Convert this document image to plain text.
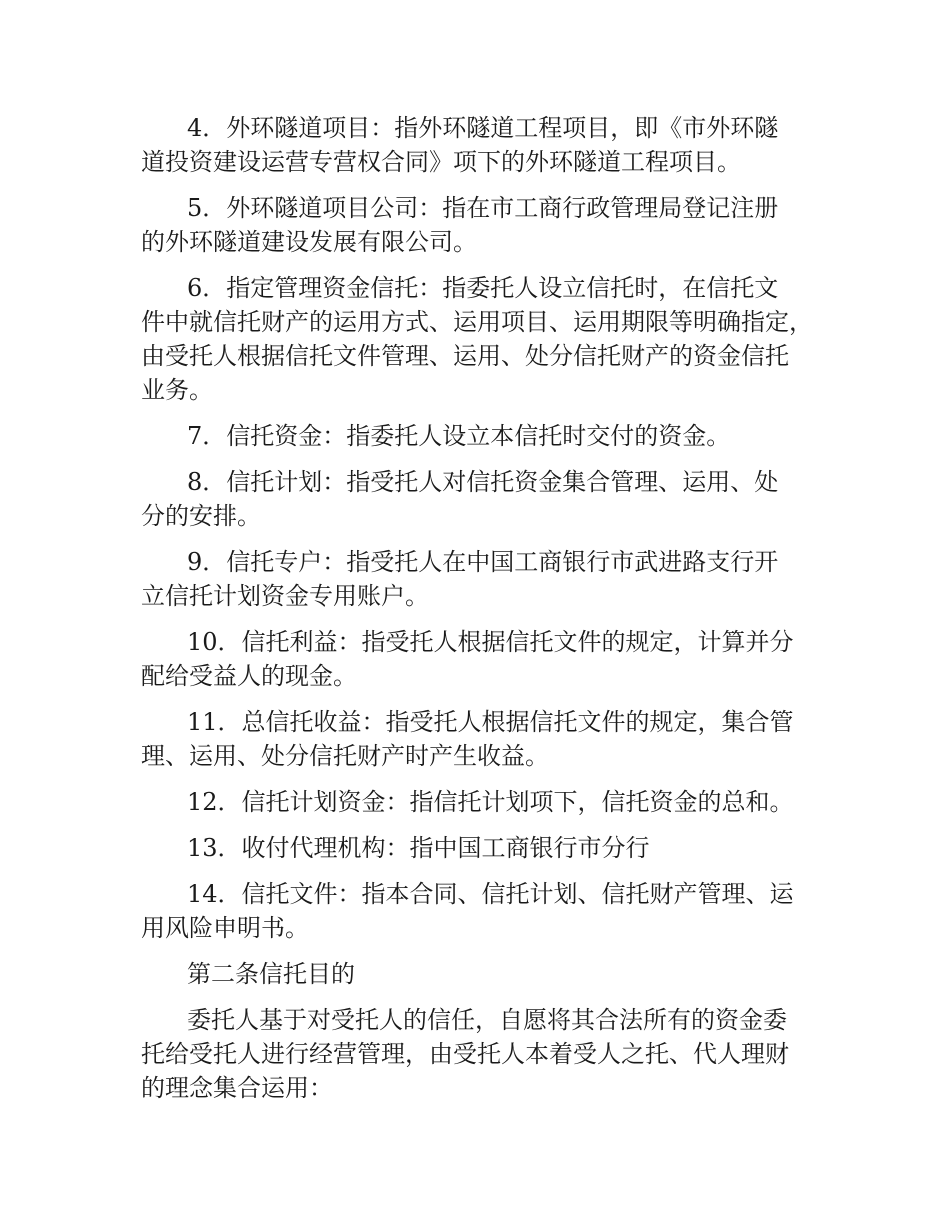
4．外环隧道项目：指外环隧道工程项目，即《市外环隧
道投资建设运营专营权合同》项下的外环隧道工程项目。

5．外环隧道项目公司：指在市工商行政管理局登记注册
的外环隧道建设发展有限公司。

6．指定管理资金信托：指委托人设立信托时，在信托文
件中就信托财产的运用方式、运用项目、运用期限等明确指定，
由受托人根据信托文件管理、运用、处分信托财产的资金信托
业务。

7．信托资金：指委托人设立本信托时交付的资金。

8．信托计划：指受托人对信托资金集合管理、运用、处
分的安排。

9．信托专户：指受托人在中国工商银行市武进路支行开
立信托计划资金专用账户。

10．信托利益：指受托人根据信托文件的规定，计算并分
配给受益人的现金。

11．总信托收益：指受托人根据信托文件的规定，集合管
理、运用、处分信托财产时产生收益。

12．信托计划资金：指信托计划项下，信托资金的总和。

13．收付代理机构：指中国工商银行市分行

14．信托文件：指本合同、信托计划、信托财产管理、运
用风险申明书。

第二条信托目的

委托人基于对受托人的信任，自愿将其合法所有的资金委
托给受托人进行经营管理，由受托人本着受人之托、代人理财
的理念集合运用：
